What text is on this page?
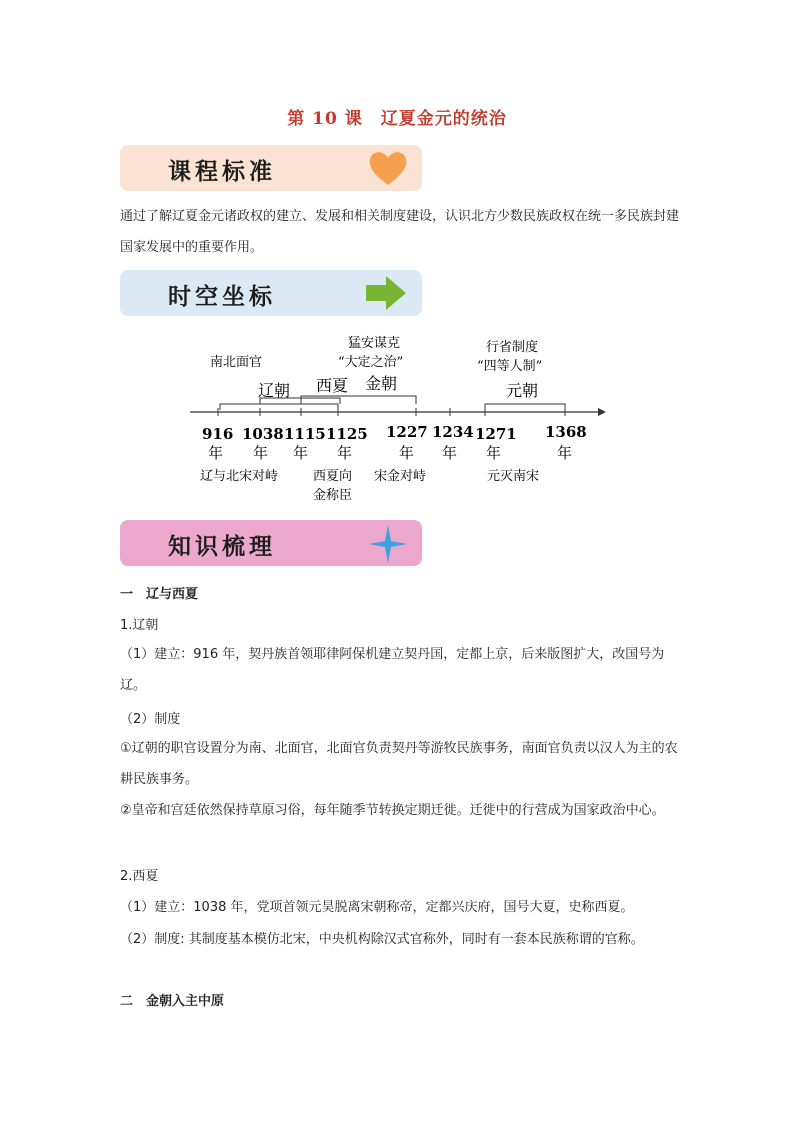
第 10 课　辽夏金元的统治
课程标准
通过了解辽夏金元诸政权的建立、发展和相关制度建设，认识北方少数民族政权在统一多民族封建国家发展中的重要作用。
时空坐标
南北面官
猛安谋克
“大定之治”
行省制度
“四等人制”
辽朝 西夏 金朝	元朝
916 1038 1115 1125 1227 1234 1271 1368
年 年 年 年	年 年 年	年
辽与北宋对峙	西夏向
金称臣
宋金对峙	元灭南宋
知识梳理
一　辽与西夏
1.辽朝
（1）建立：916 年，契丹族首领耶律阿保机建立契丹国，定都上京，后来版图扩大，改国号为辽。
（2）制度
①辽朝的职官设置分为南、北面官，北面官负责契丹等游牧民族事务，南面官负责以汉人为主的农耕民族事务。
②皇帝和宫廷依然保持草原习俗，每年随季节转换定期迁徙。迁徙中的行营成为国家政治中心。
2.西夏
（1）建立：1038 年，党项首领元昊脱离宋朝称帝，定都兴庆府，国号大夏，史称西夏。
（2）制度: 其制度基本模仿北宋，中央机构除汉式官称外，同时有一套本民族称谓的官称。
二　金朝入主中原
